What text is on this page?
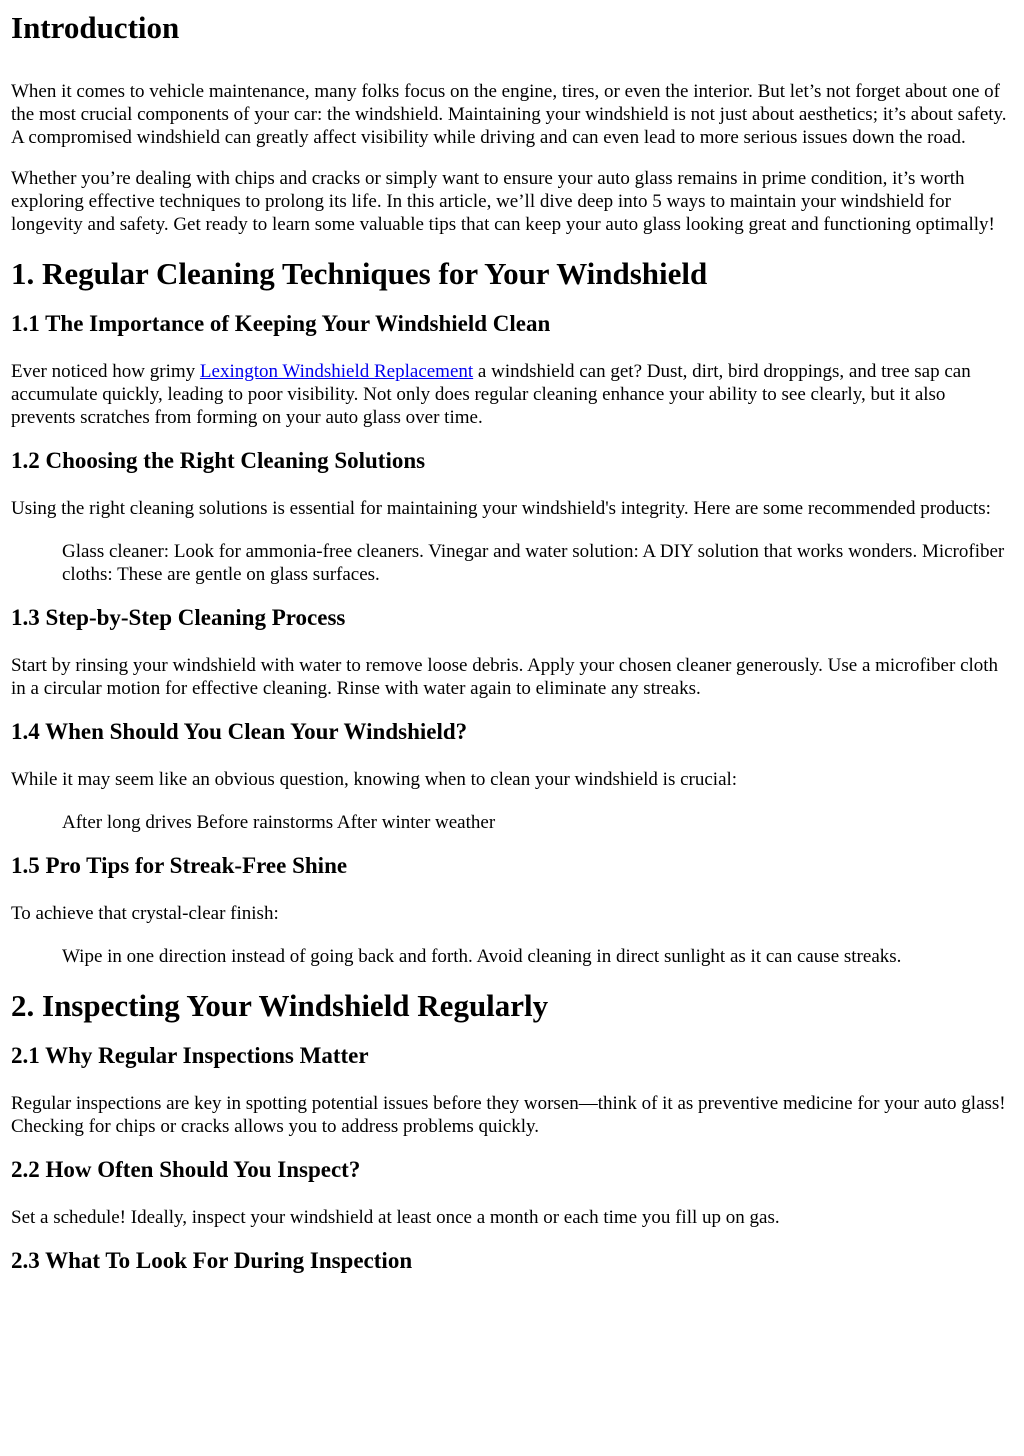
Introduction

When it comes to vehicle maintenance, many folks focus on the engine, tires, or even the interior. But let’s not forget about one of the most crucial components of your car: the windshield. Maintaining your windshield is not just about aesthetics; it’s about safety. A compromised windshield can greatly affect visibility while driving and can even lead to more serious issues down the road.

Whether you’re dealing with chips and cracks or simply want to ensure your auto glass remains in prime condition, it’s worth exploring effective techniques to prolong its life. In this article, we’ll dive deep into 5 ways to maintain your windshield for longevity and safety. Get ready to learn some valuable tips that can keep your auto glass looking great and functioning optimally!

1. Regular Cleaning Techniques for Your Windshield
1.1 The Importance of Keeping Your Windshield Clean

Ever noticed how grimy Lexington Windshield Replacement a windshield can get? Dust, dirt, bird droppings, and tree sap can accumulate quickly, leading to poor visibility. Not only does regular cleaning enhance your ability to see clearly, but it also prevents scratches from forming on your auto glass over time.

1.2 Choosing the Right Cleaning Solutions

Using the right cleaning solutions is essential for maintaining your windshield's integrity. Here are some recommended products:

Glass cleaner: Look for ammonia-free cleaners. Vinegar and water solution: A DIY solution that works wonders. Microfiber cloths: These are gentle on glass surfaces.
1.3 Step-by-Step Cleaning Process

Start by rinsing your windshield with water to remove loose debris. Apply your chosen cleaner generously. Use a microfiber cloth in a circular motion for effective cleaning. Rinse with water again to eliminate any streaks.

1.4 When Should You Clean Your Windshield?

While it may seem like an obvious question, knowing when to clean your windshield is crucial:

After long drives Before rainstorms After winter weather
1.5 Pro Tips for Streak-Free Shine

To achieve that crystal-clear finish:

Wipe in one direction instead of going back and forth. Avoid cleaning in direct sunlight as it can cause streaks.
2. Inspecting Your Windshield Regularly
2.1 Why Regular Inspections Matter

Regular inspections are key in spotting potential issues before they worsen—think of it as preventive medicine for your auto glass! Checking for chips or cracks allows you to address problems quickly.

2.2 How Often Should You Inspect?

Set a schedule! Ideally, inspect your windshield at least once a month or each time you fill up on gas.

2.3 What To Look For During Inspection
